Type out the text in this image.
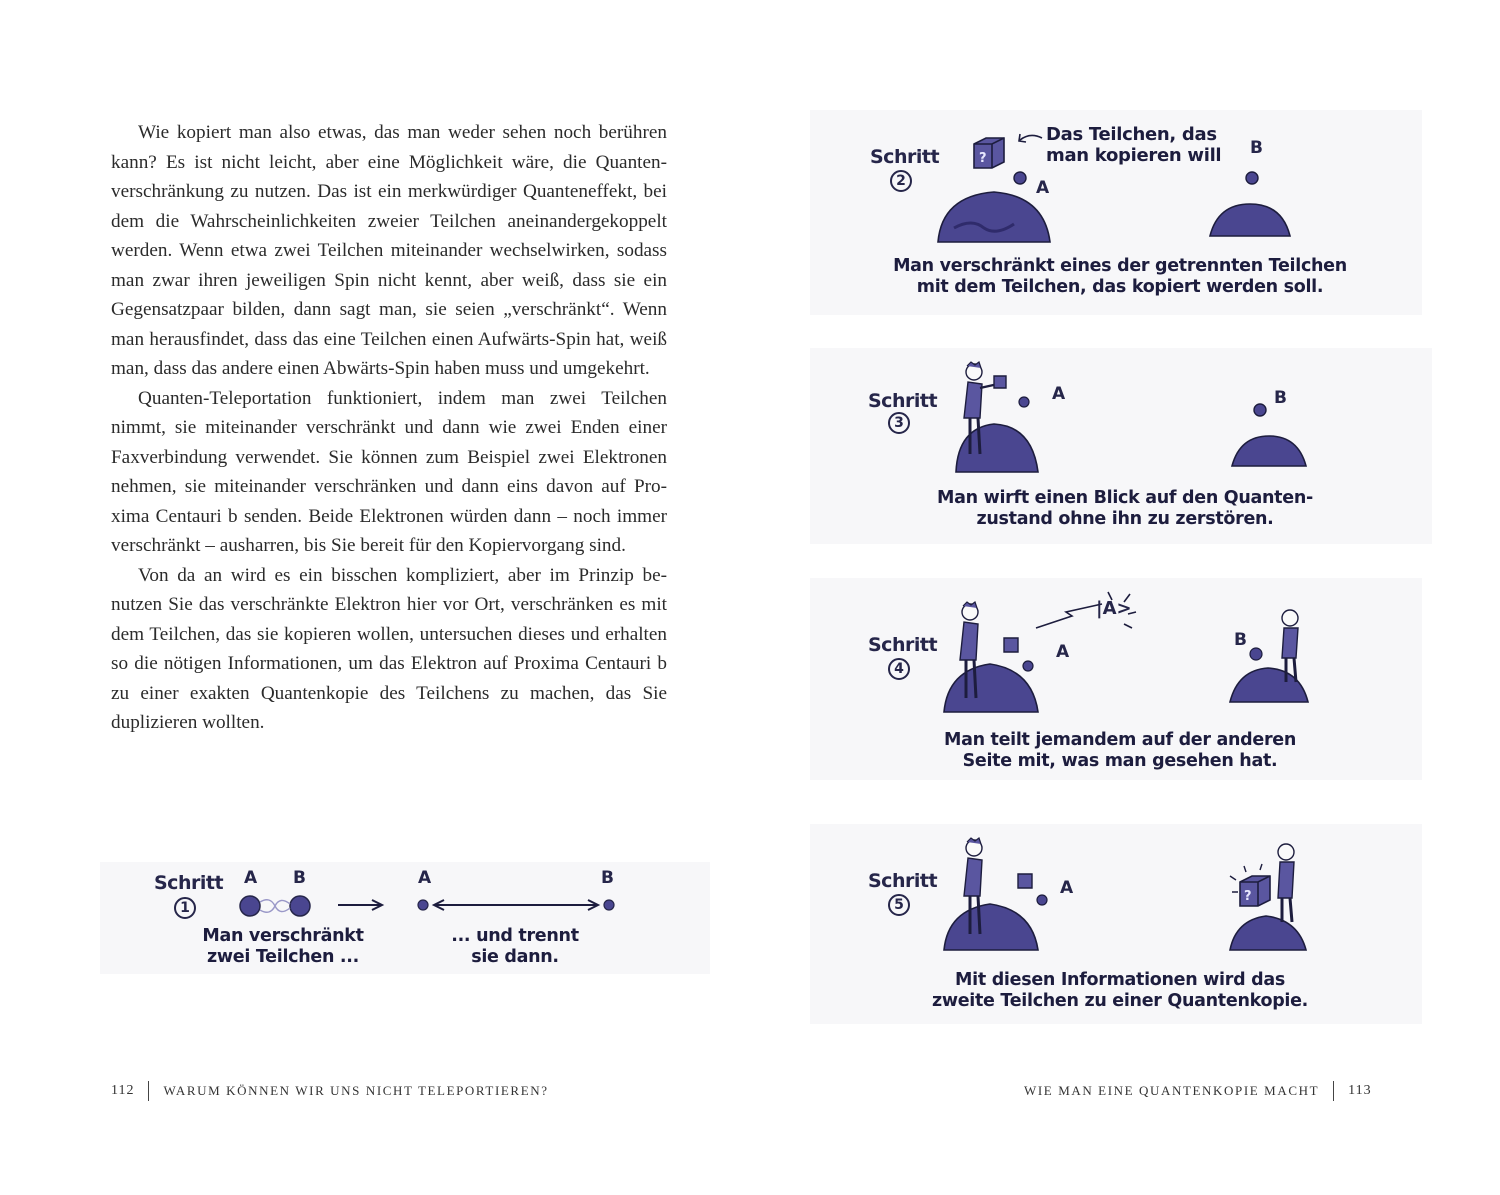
Wie kopiert man also etwas, das man weder sehen noch berühren kann? Es ist nicht leicht, aber eine Möglichkeit wäre, die Quantenverschränkung zu nutzen. Das ist ein merkwürdiger Quanteneffekt, bei dem die Wahrscheinlichkeiten zweier Teilchen aneinandergekoppelt werden. Wenn etwa zwei Teilchen miteinander wechselwirken, sodass man zwar ihren jeweiligen Spin nicht kennt, aber weiß, dass sie ein Gegensatzpaar bilden, dann sagt man, sie seien „verschränkt“. Wenn man herausfindet, dass das eine Teilchen einen Aufwärts-Spin hat, weiß man, dass das andere einen Abwärts-Spin haben muss und umgekehrt.

Quanten-Teleportation funktioniert, indem man zwei Teilchen nimmt, sie miteinander verschränkt und dann wie zwei Enden einer Faxverbindung verwendet. Sie können zum Beispiel zwei Elektronen nehmen, sie miteinander verschränken und dann eins davon auf Proxima Centauri b senden. Beide Elektronen würden dann – noch immer verschränkt – ausharren, bis Sie bereit für den Kopiervorgang sind.

Von da an wird es ein bisschen kompliziert, aber im Prinzip benutzen Sie das verschränkte Elektron hier vor Ort, verschränken es mit dem Teilchen, das sie kopieren wollen, untersuchen dieses und erhalten so die nötigen Informationen, um das Elektron auf Proxima Centauri b zu einer exakten Quantenkopie des Teilchens zu machen, das Sie duplizieren wollten.

Schritt
1
A B	A	B
Man verschränkt
zwei Teilchen ...
... und trennt
sie dann.
112 WARUM KÖNNEN WIR UNS NICHT TELEPORTIEREN?
Schritt
2
?
A
Das Teilchen, das
man kopieren will B
Man verschränkt eines der getrennten Teilchen
mit dem Teilchen, das kopiert werden soll.
Schritt
3
A	B
Man wirft einen Blick auf den Quanten-
zustand ohne ihn zu zerstören.
Schritt
4
A
|A>
B
Man teilt jemandem auf der anderen
Seite mit, was man gesehen hat.
Schritt
5
A	?
Mit diesen Informationen wird das
zweite Teilchen zu einer Quantenkopie.
WIE MAN EINE QUANTENKOPIE MACHT 113
